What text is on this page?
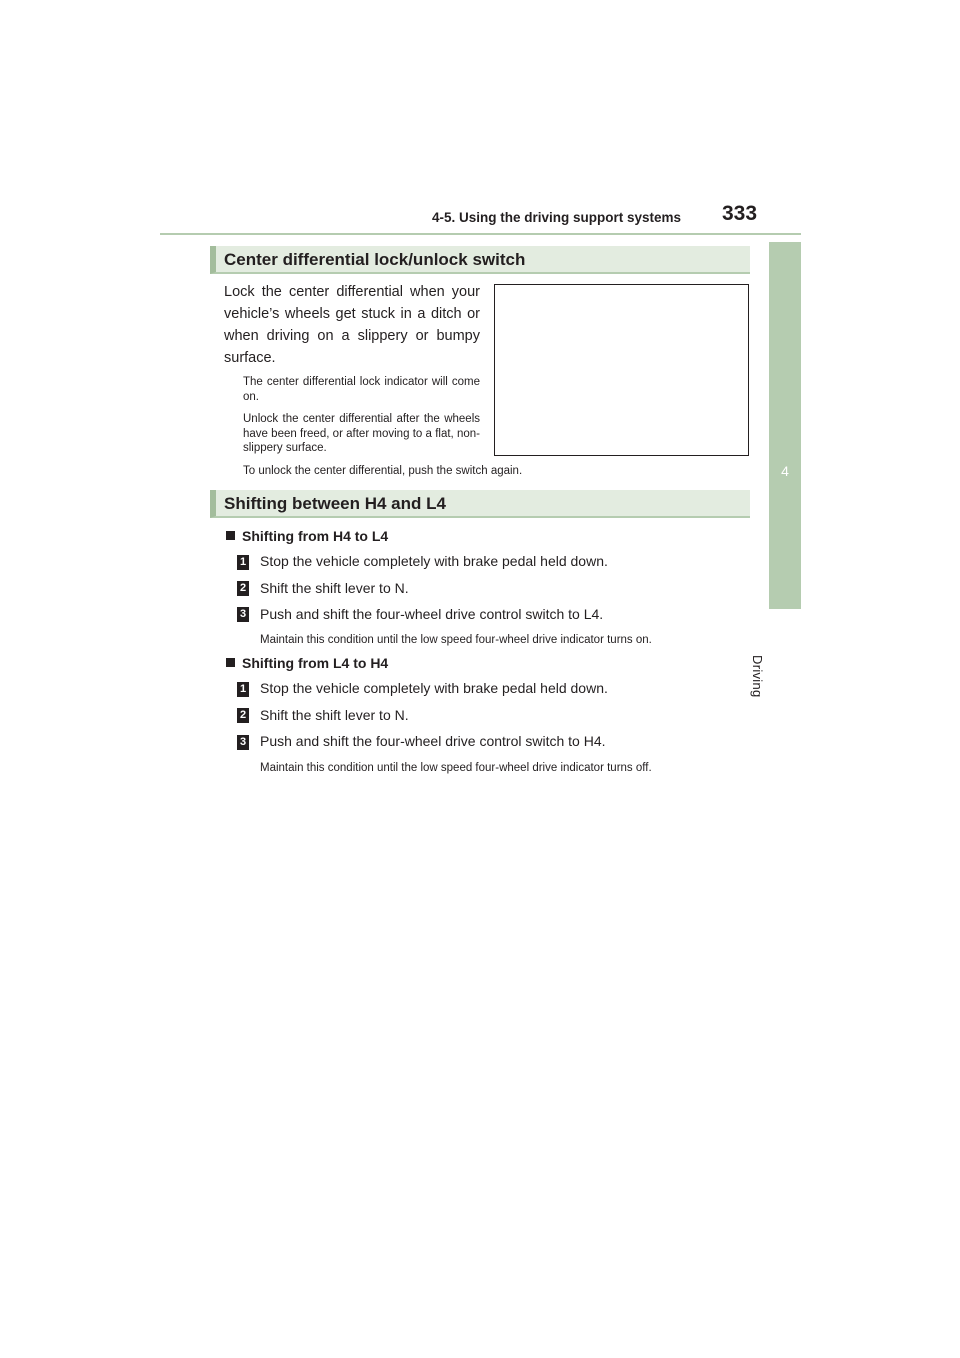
4-5. Using the driving support systems 333
4
Driving
Center differential lock/unlock switch
Lock the center differential when your vehicle’s wheels get stuck in a ditch or when driving on a slippery or bumpy surface.
The center differential lock indicator will come on.
Unlock the center differential after the wheels have been freed, or after moving to a flat, non-slippery surface.
To unlock the center differential, push the switch again.
Shifting between H4 and L4
Shifting from H4 to L4
1 Stop the vehicle completely with brake pedal held down.
2 Shift the shift lever to N.
3 Push and shift the four-wheel drive control switch to L4.
Maintain this condition until the low speed four-wheel drive indicator turns on.
Shifting from L4 to H4
1 Stop the vehicle completely with brake pedal held down.
2 Shift the shift lever to N.
3 Push and shift the four-wheel drive control switch to H4.
Maintain this condition until the low speed four-wheel drive indicator turns off.
